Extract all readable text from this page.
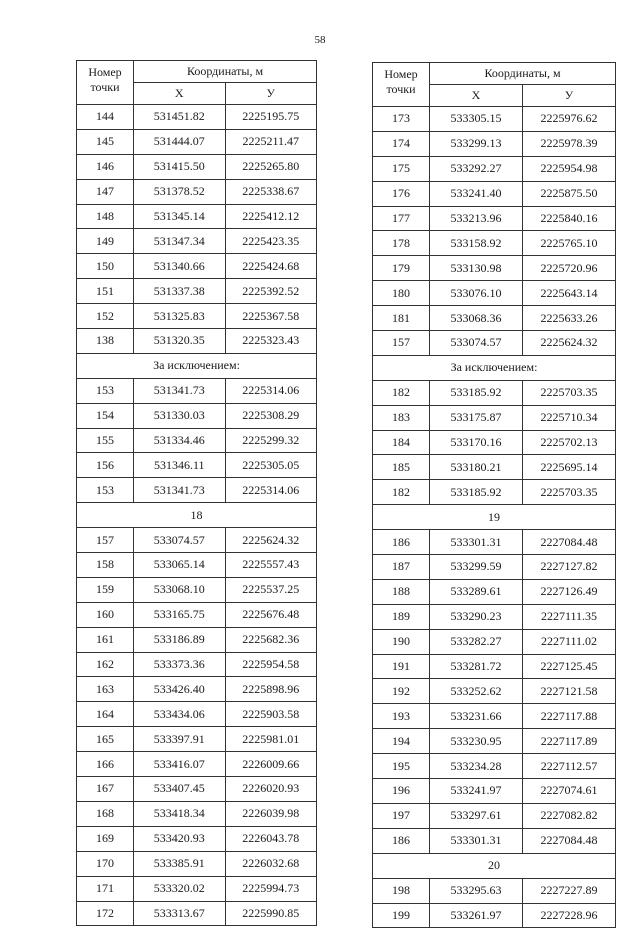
58
Номер точки	Координаты, м	
	Х	У
144	531451.82	2225195.75
145	531444.07	2225211.47
146	531415.50	2225265.80
147	531378.52	2225338.67
148	531345.14	2225412.12
149	531347.34	2225423.35
150	531340.66	2225424.68
151	531337.38	2225392.52
152	531325.83	2225367.58
138	531320.35	2225323.43
За исключением:		
153	531341.73	2225314.06
154	531330.03	2225308.29
155	531334.46	2225299.32
156	531346.11	2225305.05
153	531341.73	2225314.06
18		
157	533074.57	2225624.32
158	533065.14	2225557.43
159	533068.10	2225537.25
160	533165.75	2225676.48
161	533186.89	2225682.36
162	533373.36	2225954.58
163	533426.40	2225898.96
164	533434.06	2225903.58
165	533397.91	2225981.01
166	533416.07	2226009.66
167	533407.45	2226020.93
168	533418.34	2226039.98
169	533420.93	2226043.78
170	533385.91	2226032.68
171	533320.02	2225994.73
172	533313.67	2225990.85
Номер точки	Координаты, м	
	Х	У
173	533305.15	2225976.62
174	533299.13	2225978.39
175	533292.27	2225954.98
176	533241.40	2225875.50
177	533213.96	2225840.16
178	533158.92	2225765.10
179	533130.98	2225720.96
180	533076.10	2225643.14
181	533068.36	2225633.26
157	533074.57	2225624.32
За исключением:		
182	533185.92	2225703.35
183	533175.87	2225710.34
184	533170.16	2225702.13
185	533180.21	2225695.14
182	533185.92	2225703.35
19		
186	533301.31	2227084.48
187	533299.59	2227127.82
188	533289.61	2227126.49
189	533290.23	2227111.35
190	533282.27	2227111.02
191	533281.72	2227125.45
192	533252.62	2227121.58
193	533231.66	2227117.88
194	533230.95	2227117.89
195	533234.28	2227112.57
196	533241.97	2227074.61
197	533297.61	2227082.82
186	533301.31	2227084.48
20		
198	533295.63	2227227.89
199	533261.97	2227228.96
